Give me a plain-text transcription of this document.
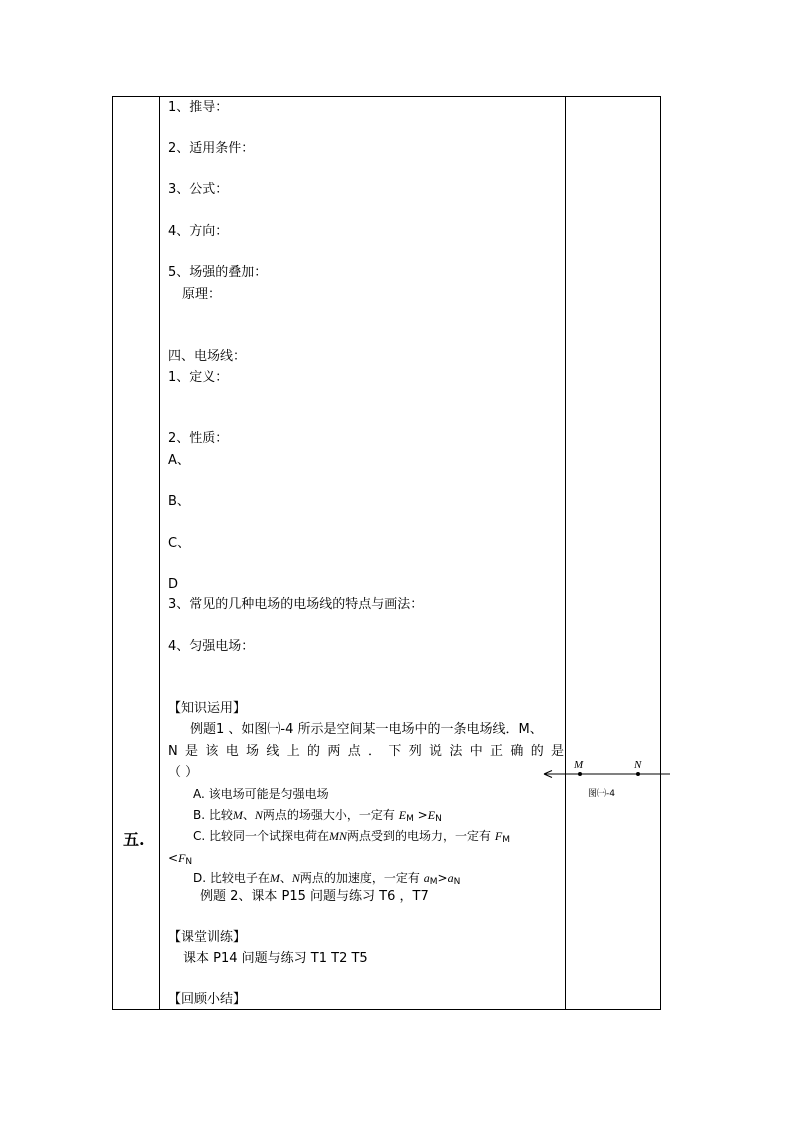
五.
1、推导：
2、适用条件：
3、公式：
4、方向：
5、场强的叠加：
原理：
四、电场线：
1、定义：
2、性质：
A、
B、
C、
D
3、常见的几种电场的电场线的特点与画法：
4、匀强电场：
【知识运用】
例题1 、如图㈠-4 所示是空间某一电场中的一条电场线．M、
N 是 该 电 场 线 上 的 两 点 ． 下 列 说 法 中 正 确 的 是
（ ）
A. 该电场可能是匀强电场
B. 比较M、N两点的场强大小，一定有 $E_M >E_N$
C. 比较同一个试探电荷在MN两点受到的电场力，一定有 $F_M$
$<F_N$
D. 比较电子在M、N两点的加速度，一定有 $a_M>a_N$
例题 2、课本 P15 问题与练习 T6 ，T7
【课堂训练】
课本 P14 问题与练习 T1 T2 T5
【回顾小结】
M	N
图㈠-4
